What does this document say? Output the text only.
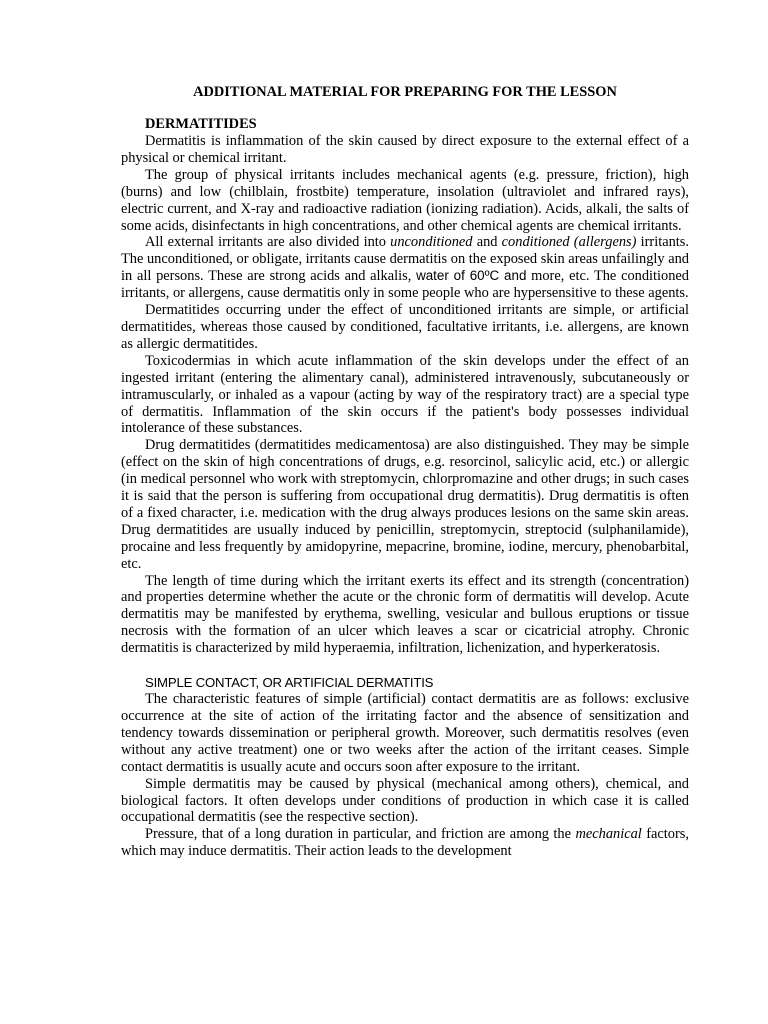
ADDITIONAL MATERIAL FOR PREPARING FOR THE LESSON
DERMATITIDES

Dermatitis is inflammation of the skin caused by direct exposure to the external effect of a physical or chemical irritant.

The group of physical irritants includes mechanical agents (e.g. pressure, friction), high (burns) and low (chilblain, frostbite) temperature, insolation (ultraviolet and infrared rays), electric current, and X-ray and radioactive radiation (ionizing radiation). Acids, alkali, the salts of some acids, disinfectants in high concentrations, and other chemical agents are chemical irritants.

All external irritants are also divided into unconditioned and conditioned (allergens) irritants. The unconditioned, or obligate, irritants cause dermatitis on the exposed skin areas unfailingly and in all persons. These are strong acids and alkalis, water of 60ºC and more, etc. The conditioned irritants, or allergens, cause dermatitis only in some people who are hypersensitive to these agents.

Dermatitides occurring under the effect of unconditioned irritants are simple, or artificial dermatitides, whereas those caused by conditioned, facultative irritants, i.e. allergens, are known as allergic dermatitides.

Toxicodermias in which acute inflammation of the skin develops under the effect of an ingested irritant (entering the alimentary canal), administered intravenously, subcutaneously or intramuscularly, or inhaled as a vapour (acting by way of the respiratory tract) are a special type of dermatitis. Inflammation of the skin occurs if the patient's body possesses individual intolerance of these substances.

Drug dermatitides (dermatitides medicamentosa) are also distinguished. They may be simple (effect on the skin of high concentrations of drugs, e.g. resorcinol, salicylic acid, etc.) or allergic (in medical personnel who work with streptomycin, chlorpromazine and other drugs; in such cases it is said that the person is suffering from occupational drug dermatitis). Drug dermatitis is often of a fixed character, i.e. medication with the drug always produces lesions on the same skin areas. Drug dermatitides are usually induced by penicillin, streptomycin, streptocid (sulphanilamide), procaine and less frequently by amidopyrine, mepacrine, bromine, iodine, mercury, phenobarbital, etc.

The length of time during which the irritant exerts its effect and its strength (concentration) and properties determine whether the acute or the chronic form of dermatitis will develop. Acute dermatitis may be manifested by erythema, swelling, vesicular and bullous eruptions or tissue necrosis with the formation of an ulcer which leaves a scar or cicatricial atrophy. Chronic dermatitis is characterized by mild hyperaemia, infiltration, lichenization, and hyperkeratosis.

SIMPLE CONTACT, OR ARTIFICIAL DERMATITIS

The characteristic features of simple (artificial) contact dermatitis are as follows: exclusive occurrence at the site of action of the irritating factor and the absence of sensitization and tendency towards dissemination or peripheral growth. Moreover, such dermatitis resolves (even without any active treatment) one or two weeks after the action of the irritant ceases. Simple contact dermatitis is usually acute and occurs soon after exposure to the irritant.

Simple dermatitis may be caused by physical (mechanical among others), chemical, and biological factors. It often develops under conditions of production in which case it is called occupational dermatitis (see the respective section).

Pressure, that of a long duration in particular, and friction are among the mechanical factors, which may induce dermatitis. Their action leads to the development
